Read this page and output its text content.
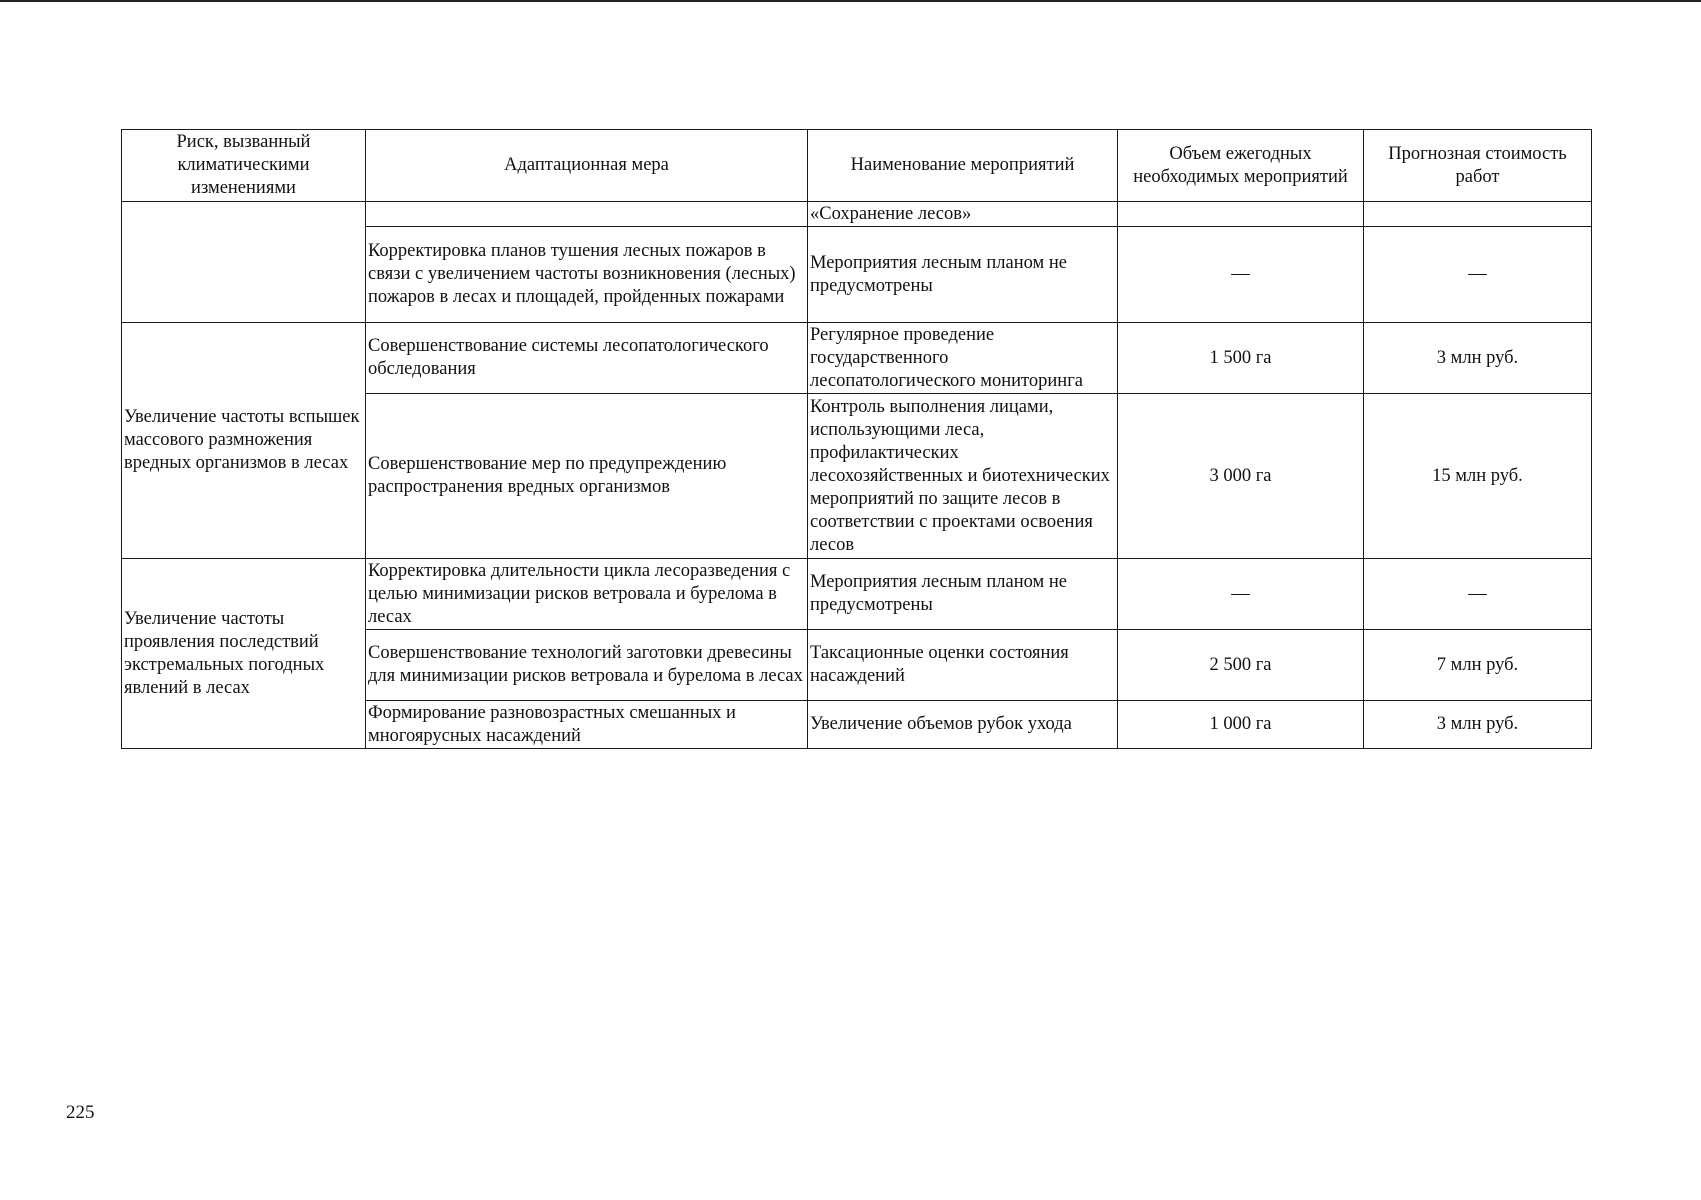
Риск, вызванный климатическими изменениями	Адаптационная мера	Наименование мероприятий	Объем ежегодных необходимых мероприятий	Прогнозная стоимость работ
		«Сохранение лесов»		
	Корректировка планов тушения лесных пожаров в связи с увеличением частоты возникновения (лесных) пожаров в лесах и площадей, пройденных пожарами	Мероприятия лесным планом не предусмотрены	—	—
Увеличение частоты вспышек массового размножения вредных организмов в лесах	Совершенствование системы лесопатологического обследования	Регулярное проведение государственного лесопатологического мониторинга	1 500 га	3 млн руб.
	Совершенствование мер по предупреждению распространения вредных организмов	Контроль выполнения лицами, использующими леса, профилактических лесохозяйственных и биотехнических мероприятий по защите лесов в соответствии с проектами освоения лесов	3 000 га	15 млн руб.
Увеличение частоты проявления последствий экстремальных погодных явлений в лесах	Корректировка длительности цикла лесоразведения с целью минимизации рисков ветровала и бурелома в лесах	Мероприятия лесным планом не предусмотрены	—	—
	Совершенствование технологий заготовки древесины для минимизации рисков ветровала и бурелома в лесах	Таксационные оценки состояния насаждений	2 500 га	7 млн руб.
	Формирование разновозрастных смешанных и многоярусных насаждений	Увеличение объемов рубок ухода	1 000 га	3 млн руб.
225
